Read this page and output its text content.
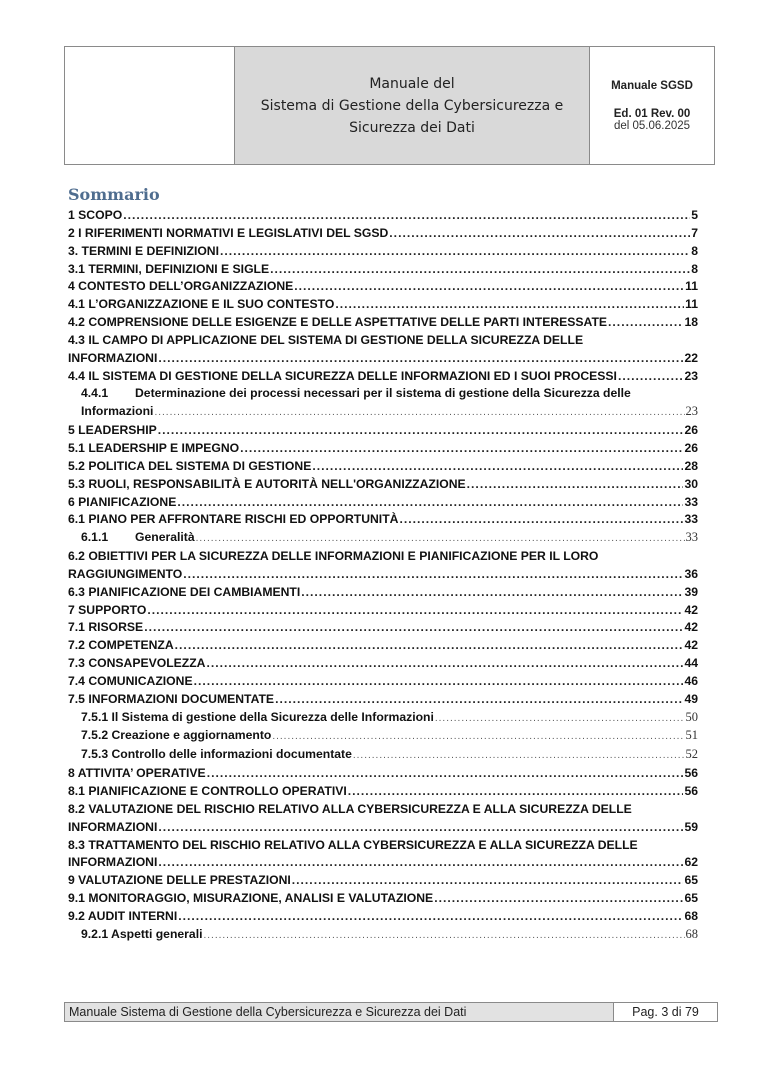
Manuale del
Sistema di Gestione della Cybersicurezza e
Sicurezza dei Dati
Manuale SGSD
Ed. 01 Rev. 00
del 05.06.2025
Sommario
1 SCOPO .....	5
2 I RIFERIMENTI NORMATIVI E LEGISLATIVI DEL SGSD .....	7
3. TERMINI E DEFINIZIONI .....	8
3.1 TERMINI, DEFINIZIONI E SIGLE .....	8
4 CONTESTO DELL’ORGANIZZAZIONE .....	11
4.1 L’ORGANIZZAZIONE E IL SUO CONTESTO .....	11
4.2 COMPRENSIONE DELLE ESIGENZE E DELLE ASPETTATIVE DELLE PARTI INTERESSATE .....	18
4.3 IL CAMPO DI APPLICAZIONE DEL SISTEMA DI GESTIONE DELLA SICUREZZA DELLE
INFORMAZIONI .....	22
4.4 IL SISTEMA DI GESTIONE DELLA SICUREZZA DELLE INFORMAZIONI ED I SUOI PROCESSI .....	23
4.4.1	Determinazione dei processi necessari per il sistema di gestione della Sicurezza delle
Informazioni .....	23
5 LEADERSHIP .....	26
5.1 LEADERSHIP E IMPEGNO .....	26
5.2 POLITICA DEL SISTEMA DI GESTIONE .....	28
5.3 RUOLI, RESPONSABILITÀ E AUTORITÀ NELL'ORGANIZZAZIONE .....	30
6 PIANIFICAZIONE .....	33
6.1 PIANO PER AFFRONTARE RISCHI ED OPPORTUNITÀ .....	33
6.1.1	Generalità .....	33
6.2 OBIETTIVI PER LA SICUREZZA DELLE INFORMAZIONI E PIANIFICAZIONE PER IL LORO
RAGGIUNGIMENTO .....	36
6.3 PIANIFICAZIONE DEI CAMBIAMENTI .....	39
7 SUPPORTO .....	42
7.1 RISORSE .....	42
7.2 COMPETENZA .....	42
7.3 CONSAPEVOLEZZA .....	44
7.4 COMUNICAZIONE .....	46
7.5 INFORMAZIONI DOCUMENTATE .....	49
7.5.1 Il Sistema di gestione della Sicurezza delle Informazioni .....	50
7.5.2 Creazione e aggiornamento .....	51
7.5.3 Controllo delle informazioni documentate .....	52
8 ATTIVITA’ OPERATIVE .....	56
8.1 PIANIFICAZIONE E CONTROLLO OPERATIVI .....	56
8.2 VALUTAZIONE DEL RISCHIO RELATIVO ALLA CYBERSICUREZZA E ALLA SICUREZZA DELLE
INFORMAZIONI .....	59
8.3 TRATTAMENTO DEL RISCHIO RELATIVO ALLA CYBERSICUREZZA E ALLA SICUREZZA DELLE
INFORMAZIONI .....	62
9 VALUTAZIONE DELLE PRESTAZIONI .....	65
9.1 MONITORAGGIO, MISURAZIONE, ANALISI E VALUTAZIONE .....	65
9.2 AUDIT INTERNI .....	68
9.2.1 Aspetti generali .....	68
Manuale Sistema di Gestione della Cybersicurezza e Sicurezza dei Dati	Pag. 3 di 79
